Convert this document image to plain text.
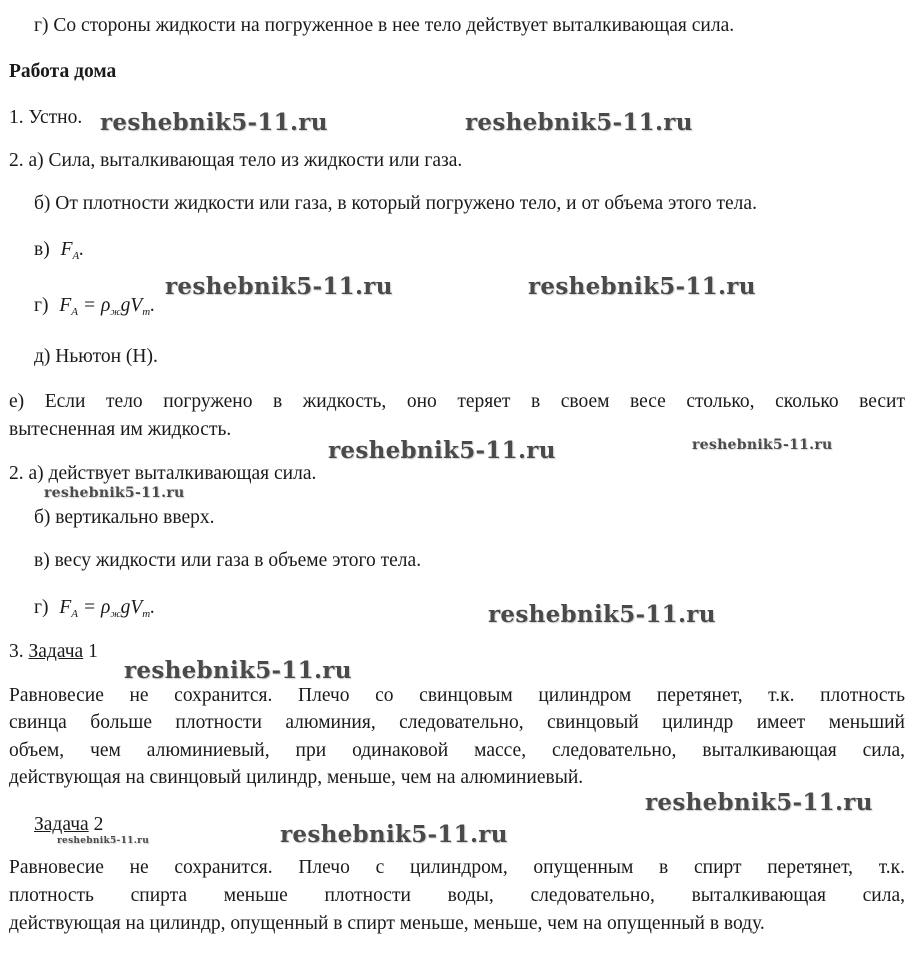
г) Со стороны жидкости на погруженное в нее тело действует выталкивающая сила.
Работа дома
1. Устно.
2. а) Сила, выталкивающая тело из жидкости или газа.
б) От плотности жидкости или газа, в который погружено тело, и от объема этого тела.
в) $F_A$.
г) $F_A = \rho_жgV_т$.
д) Ньютон (Н).
е) Если тело погружено в жидкость, оно теряет в своем весе столько, сколько весит
вытесненная им жидкость.
2. а) действует выталкивающая сила.
б) вертикально вверх.
в) весу жидкости или газа в объеме этого тела.
г) $F_A = \rho_жgV_т$.
3. Задача 1
Равновесие не сохранится. Плечо со свинцовым цилиндром перетянет, т.к. плотность
свинца больше плотности алюминия, следовательно, свинцовый цилиндр имеет меньший
объем, чем алюминиевый, при одинаковой массе, следовательно, выталкивающая сила,
действующая на свинцовый цилиндр, меньше, чем на алюминиевый.
Задача 2
Равновесие не сохранится. Плечо с цилиндром, опущенным в спирт перетянет, т.к.
плотность спирта меньше плотности воды, следовательно, выталкивающая сила,
действующая на цилиндр, опущенный в спирт меньше, меньше, чем на опущенный в воду.
reshebnik5-11.ru	reshebnik5-11.ru
reshebnik5-11.ru	reshebnik5-11.ru
reshebnik5-11.ru	reshebnik5-11.ru
reshebnik5-11.ru
reshebnik5-11.ru
reshebnik5-11.ru
reshebnik5-11.ru
reshebnik5-11.ru	reshebnik5-11.ru
